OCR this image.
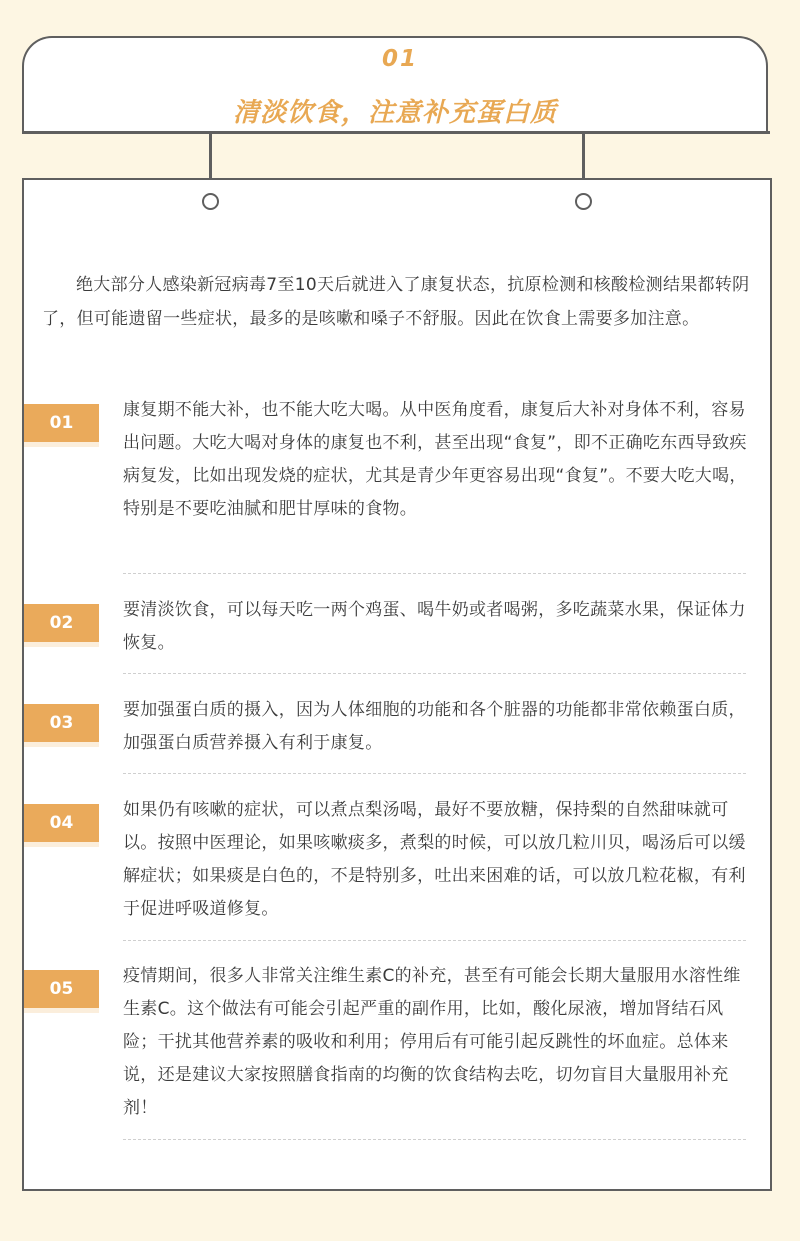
01
清淡饮食，注意补充蛋白质

绝大部分人感染新冠病毒7至10天后就进入了康复状态，抗原检测和核酸检测结果都转阴了，但可能遗留一些症状，最多的是咳嗽和嗓子不舒服。因此在饮食上需要多加注意。

01

康复期不能大补，也不能大吃大喝。从中医角度看，康复后大补对身体不利，容易出问题。大吃大喝对身体的康复也不利，甚至出现“食复”，即不正确吃东西导致疾病复发，比如出现发烧的症状，尤其是青少年更容易出现“食复”。不要大吃大喝，特别是不要吃油腻和肥甘厚味的食物。

02

要清淡饮食，可以每天吃一两个鸡蛋、喝牛奶或者喝粥，多吃蔬菜水果，保证体力恢复。

03

要加强蛋白质的摄入，因为人体细胞的功能和各个脏器的功能都非常依赖蛋白质，加强蛋白质营养摄入有利于康复。

04

如果仍有咳嗽的症状，可以煮点梨汤喝，最好不要放糖，保持梨的自然甜味就可以。按照中医理论，如果咳嗽痰多，煮梨的时候，可以放几粒川贝，喝汤后可以缓解症状；如果痰是白色的，不是特别多，吐出来困难的话，可以放几粒花椒，有利于促进呼吸道修复。

05

疫情期间，很多人非常关注维生素C的补充，甚至有可能会长期大量服用水溶性维生素C。这个做法有可能会引起严重的副作用，比如，酸化尿液，增加肾结石风险；干扰其他营养素的吸收和利用；停用后有可能引起反跳性的坏血症。总体来说，还是建议大家按照膳食指南的均衡的饮食结构去吃，切勿盲目大量服用补充剂！
